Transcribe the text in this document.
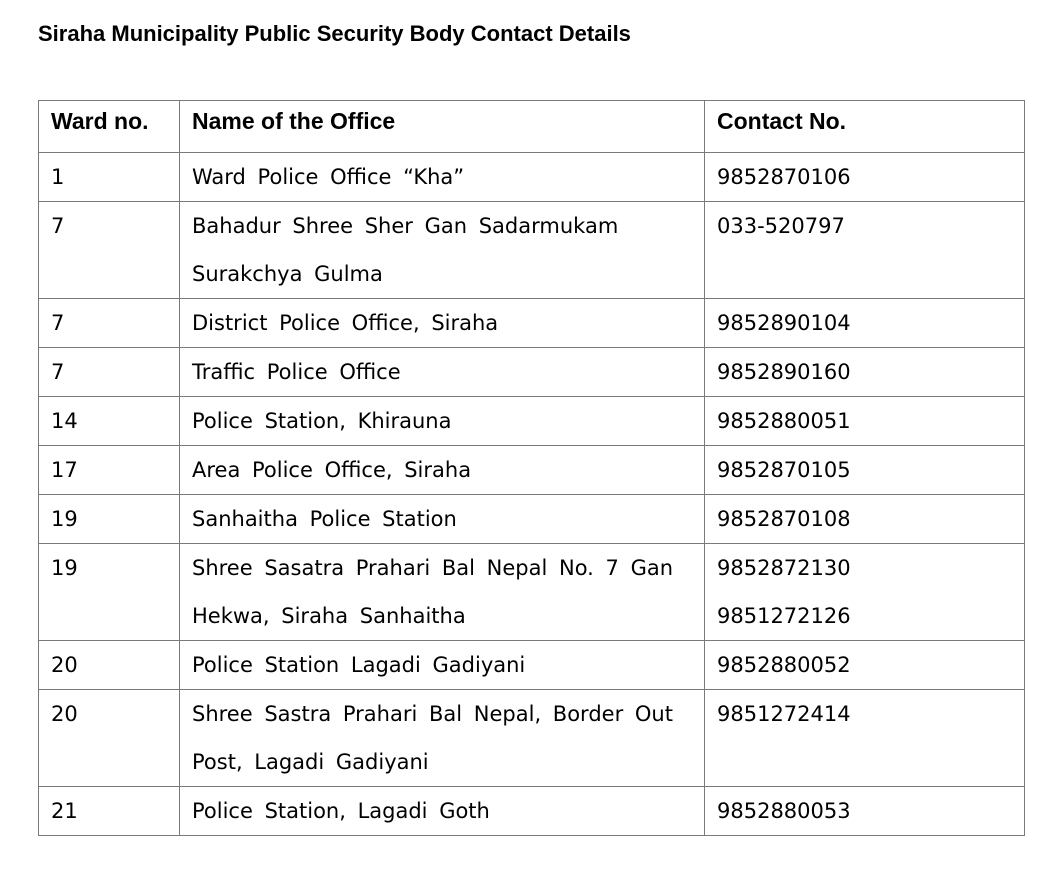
Siraha Municipality Public Security Body Contact Details
Ward no.	Name of the Office	Contact No.
1	Ward Police Office “Kha”	9852870106

7	Bahadur Shree Sher Gan Sadarmukam Surakchya Gulma	033-520797

7	District Police Office, Siraha	9852890104

7	Traffic Police Office	9852890160

14	Police Station, Khirauna	9852880051

17	Area Police Office, Siraha	9852870105

19	Sanhaitha Police Station	9852870108

19	Shree Sasatra Prahari Bal Nepal No. 7 Gan Hekwa, Siraha Sanhaitha	9852872130
9851272126

20	Police Station Lagadi Gadiyani	9852880052

20	Shree Sastra Prahari Bal Nepal, Border Out Post, Lagadi Gadiyani	9851272414

21	Police Station, Lagadi Goth	9852880053
